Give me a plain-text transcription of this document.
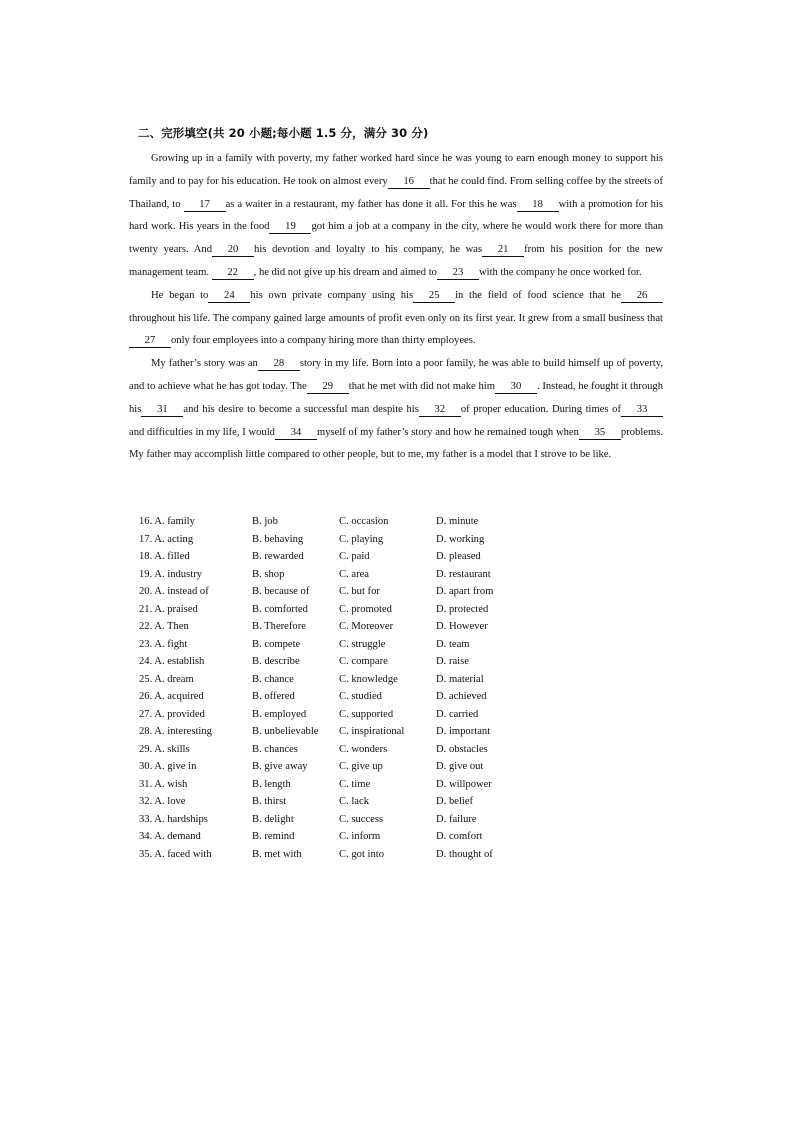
二、完形填空(共 20 小题;每小题 1.5 分，满分 30 分)

Growing up in a family with poverty, my father worked hard since he was young to earn enough money to support his family and to pay for his education. He took on almost every 16 that he could find. From selling coffee by the streets of Thailand, to 17 as a waiter in a restaurant, my father has done it all. For this he was 18 with a promotion for his hard work. His years in the food 19 got him a job at a company in the city, where he would work there for more than twenty years. And 20 his devotion and loyalty to his company, he was 21 from his position for the new management team. 22 , he did not give up his dream and aimed to 23 with the company he once worked for.

He began to 24 his own private company using his 25 in the field of food science that he 26throughout his life. The company gained large amounts of profit even only on its first year. It grew from a small business that27 only four employees into a company hiring more than thirty employees.

My father’s story was an 28 story in my life. Born into a poor family, he was able to build himself up of poverty, and to achieve what he has got today. The 29 that he met with did not make him 30 . Instead, he fought it through his 31 and his desire to become a successful man despite his 32 of proper education. During times of 33and difficulties in my life, I would 34 myself of my father’s story and how he remained tough when 35 problems. My father may accomplish little compared to other people, but to me, my father is a model that I strove to be like.

16. A. family	B. job	C. occasion	D. minute
17. A. acting	B. behaving	C. playing	D. working
18. A. filled	B. rewarded	C. paid	D. pleased
19. A. industry	B. shop	C. area	D. restaurant
20. A. instead of	B. because of	C. but for	D. apart from
21. A. praised	B. comforted	C. promoted	D. protected
22. A. Then	B. Therefore	C. Moreover	D. However
23. A. fight	B. compete	C. struggle	D. team
24. A. establish	B. describe	C. compare	D. raise
25. A. dream	B. chance	C. knowledge	D. material
26. A. acquired	B. offered	C. studied	D. achieved
27. A. provided	B. employed	C. supported	D. carried
28. A. interesting	B. unbelievable C. inspirational	D. important
29. A. skills	B. chances	C. wonders	D. obstacles
30. A. give in	B. give away	C. give up	D. give out
31. A. wish	B. length	C. time	D. willpower
32. A. love	B. thirst	C. lack	D. belief
33. A. hardships	B. delight	C. success	D. failure
34. A. demand	B. remind	C. inform	D. comfort
35. A. faced with	B. met with	C. got into	D. thought of
